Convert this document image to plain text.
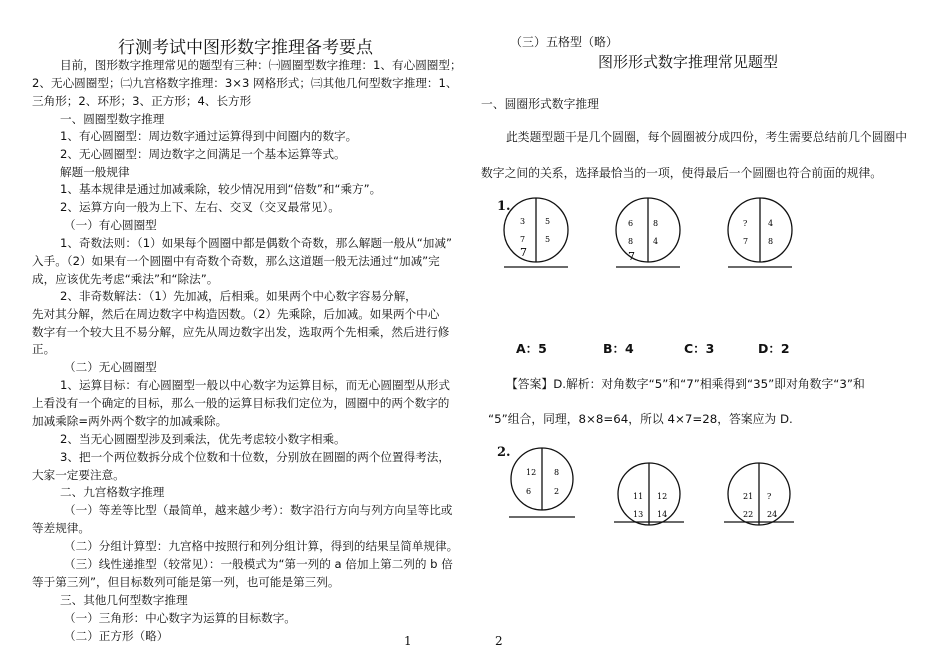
行测考试中图形数字推理备考要点
目前，图形数字推理常见的题型有三种：㈠圆圈型数字推理：1、有心圆圈型；
2、无心圆圈型；㈡九宫格数字推理：3×3 网格形式；㈢其他几何型数字推理：1、
三角形；2、环形；3、正方形；4、长方形
一、圆圈型数字推理
1、有心圆圈型：周边数字通过运算得到中间圈内的数字。
2、无心圆圈型：周边数字之间满足一个基本运算等式。
解题一般规律
1、基本规律是通过加减乘除，较少情况用到“倍数”和“乘方”。
2、运算方向一般为上下、左右、交叉（交叉最常见）。
（一）有心圆圈型
1、奇数法则：（1）如果每个圆圈中都是偶数个奇数，那么解题一般从“加减”
入手。（2）如果有一个圆圈中有奇数个奇数，那么这道题一般无法通过“加减”完
成，应该优先考虑“乘法”和“除法”。
2、非奇数解法：（1）先加减，后相乘。如果两个中心数字容易分解，
先对其分解，然后在周边数字中构造因数。（2）先乘除，后加减。如果两个中心
数字有一个较大且不易分解，应先从周边数字出发，选取两个先相乘，然后进行修
正。
（二）无心圆圈型
1、运算目标：有心圆圈型一般以中心数字为运算目标，而无心圆圈型从形式
上看没有一个确定的目标，那么一般的运算目标我们定位为，圆圈中的两个数字的
加减乘除=两外两个数字的加减乘除。
2、当无心圆圈型涉及到乘法，优先考虑较小数字相乘。
3、把一个两位数拆分成个位数和十位数，分别放在圆圈的两个位置得考法，
大家一定要注意。
二、九宫格数字推理
（一）等差等比型（最简单，越来越少考）：数字沿行方向与列方向呈等比或
等差规律。
（二）分组计算型：九宫格中按照行和列分组计算，得到的结果呈简单规律。
（三）线性递推型（较常见）：一般模式为“第一列的 a 倍加上第二列的 b 倍
等于第三列”，但目标数列可能是第一列，也可能是第三列。
三、其他几何型数字推理
（一）三角形：中心数字为运算的目标数字。
（二）正方形（略）	1
（三）五格型（略）
图形形式数字推理常见题型
一、圆圈形式数字推理
此类题型题干是几个圆圈，每个圆圈被分成四份，考生需要总结前几个圆圈中
数字之间的关系，选择最恰当的一项，使得最后一个圆圈也符合前面的规律。
1.
3 5
7 5
7
6 8
8 4
7
?	4
7 8
A：5	B：4	C：3	D：2
【答案】D.解析：对角数字“5”和“7”相乘得到“35”即对角数字“3”和
“5”组合，同理，8×8=64，所以 4×7=28，答案应为 D.
2.
12 8
6	2
11 12
13 14
21 ?
22 24
2
